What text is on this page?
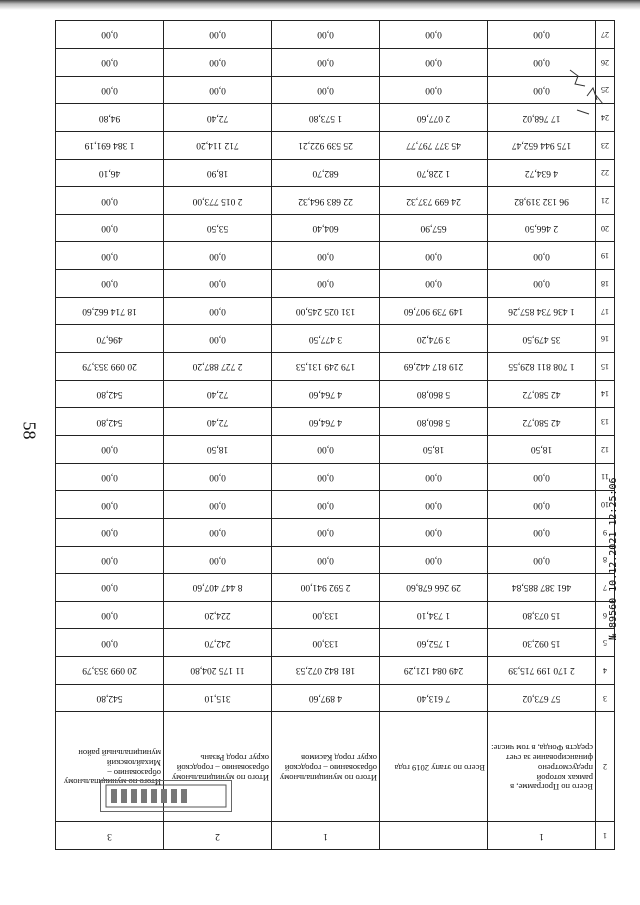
58
1	1		1	2	3
2	Всего по Программе, в рамках которой предусмотрено финансирование за счет средств Фонда, в том числе:	Всего по этапу 2019 года	Итого по муниципальному образованию – городской округ город Касимов	Итого по муниципальному образованию – городской округ город Рязань	Итого по муниципальному образованию – Михайловский муниципальный район
3	57 673,02	7 613,40	4 897,60	315,10	542,80
4	2 170 199 715,39	249 084 121,29	181 842 072,53	11 175 204,80	20 099 353,79
5	15 092,30	1 752,60	133,00	242,70	0,00
6	15 073,80	1 734,10	133,00	224,20	0,00
7	461 387 885,84	29 266 678,60	2 592 941,00	8 447 407,60	0,00
8	0,00	0,00	0,00	0,00	0,00
9	0,00	0,00	0,00	0,00	0,00
10	0,00	0,00	0,00	0,00	0,00
11	0,00	0,00	0,00	0,00	0,00
12	18,50	18,50	0,00	18,50	0,00
13	42 580,72	5 860,80	4 764,60	72,40	542,80
14	42 580,72	5 860,80	4 764,60	72,40	542,80
15	1 708 811 829,55	219 817 442,69	179 249 131,53	2 727 887,20	20 099 353,79
16	35 479,50	3 974,20	3 477,50	0,00	496,70
17	1 436 734 857,26	149 739 907,60	131 025 245,00	0,00	18 714 662,60
18	0,00	0,00	0,00	0,00	0,00
19	0,00	0,00	0,00	0,00	0,00
20	2 466,50	657,90	604,40	53,50	0,00
21	96 132 319,82	24 699 737,32	22 683 964,32	2 015 773,00	0,00
22	4 634,72	1 228,70	682,70	18,90	46,10
23	175 944 652,47	45 377 797,77	25 539 922,21	712 114,20	1 384 691,19
24	17 768,02	2 077,60	1 573,80	72,40	94,80
25	0,00	0,00	0,00	0,00	0,00
26	0,00	0,00	0,00	0,00	0,00
27	0,00	0,00	0,00	0,00	0,00
№ 89560 10.12.2021 12:25:06
